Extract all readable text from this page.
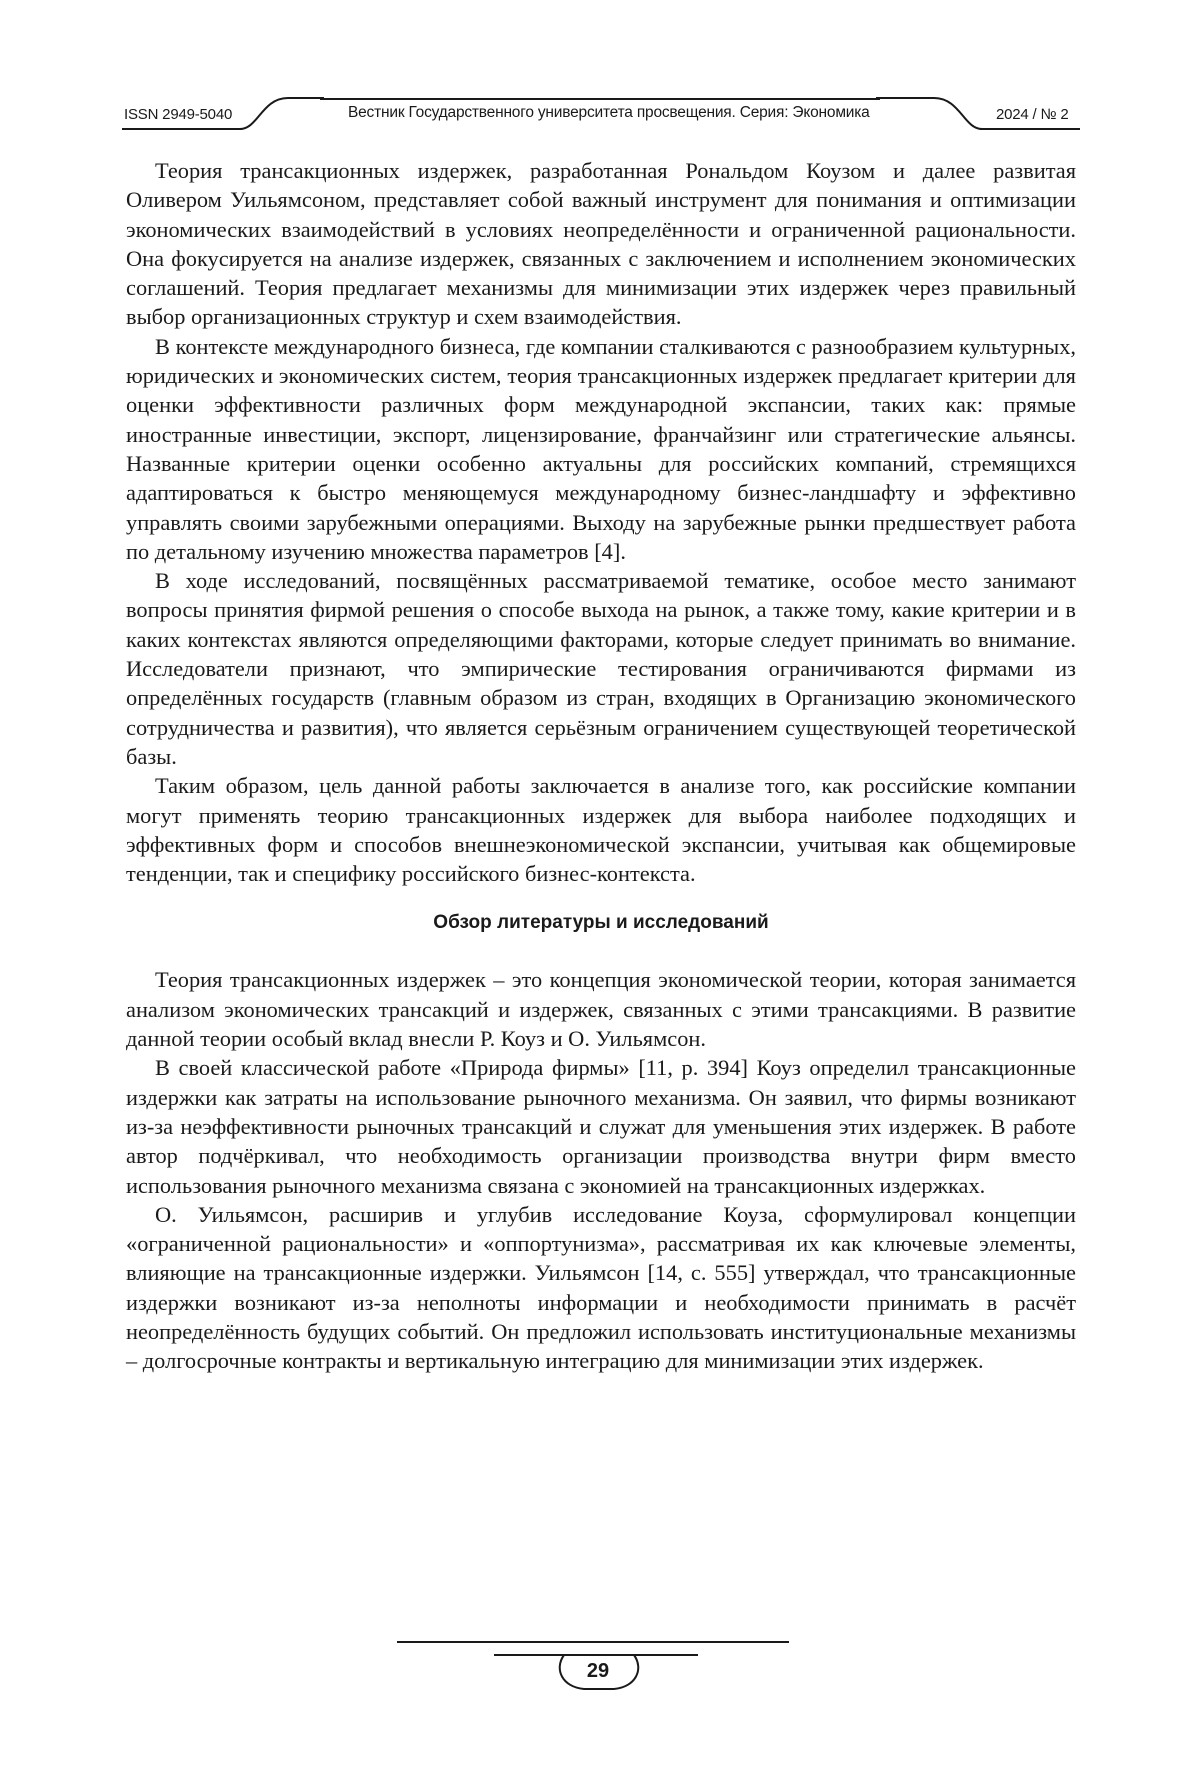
ISSN 2949-5040	Вестник Государственного университета просвещения. Серия: Экономика	2024 / № 2

Теория трансакционных издержек, разработанная Рональдом Коузом и далее развитая Оливером Уильямсоном, представляет собой важный инструмент для понимания и оптимизации экономических взаимодействий в условиях неопределённости и ограниченной рациональности. Она фокусируется на анализе издержек, связанных с заключением и исполнением экономических соглашений. Теория предлагает механизмы для минимизации этих издержек через правильный выбор организационных структур и схем взаимодействия.

В контексте международного бизнеса, где компании сталкиваются с разнообразием культурных, юридических и экономических систем, теория трансакционных издержек предлагает критерии для оценки эффективности различных форм международной экспансии, таких как: прямые иностранные инвестиции, экспорт, лицензирование, франчайзинг или стратегические альянсы. Названные критерии оценки особенно актуальны для российских компаний, стремящихся адаптироваться к быстро меняющемуся международному бизнес-ландшафту и эффективно управлять своими зарубежными операциями. Выходу на зарубежные рынки предшествует работа по детальному изучению множества параметров [4].

В ходе исследований, посвящённых рассматриваемой тематике, особое место занимают вопросы принятия фирмой решения о способе выхода на рынок, а также тому, какие критерии и в каких контекстах являются определяющими факторами, которые следует принимать во внимание. Исследователи признают, что эмпирические тестирования ограничиваются фирмами из определённых государств (главным образом из стран, входящих в Организацию экономического сотрудничества и развития), что является серьёзным ограничением существующей теоретической базы.

Таким образом, цель данной работы заключается в анализе того, как российские компании могут применять теорию трансакционных издержек для выбора наиболее подходящих и эффективных форм и способов внешнеэкономической экспансии, учитывая как общемировые тенденции, так и специфику российского бизнес-контекста.

Обзор литературы и исследований

Теория трансакционных издержек – это концепция экономической теории, которая занимается анализом экономических трансакций и издержек, связанных с этими трансакциями. В развитие данной теории особый вклад внесли Р. Коуз и О. Уильямсон.

В своей классической работе «Природа фирмы» [11, p. 394] Коуз определил трансакционные издержки как затраты на использование рыночного механизма. Он заявил, что фирмы возникают из-за неэффективности рыночных трансакций и служат для уменьшения этих издержек. В работе автор подчёркивал, что необходимость организации производства внутри фирм вместо использования рыночного механизма связана с экономией на трансакционных издержках.

О. Уильямсон, расширив и углубив исследование Коуза, сформулировал концепции «ограниченной рациональности» и «оппортунизма», рассматривая их как ключевые элементы, влияющие на трансакционные издержки. Уильямсон [14, с. 555] утверждал, что трансакционные издержки возникают из-за неполноты информации и необходимости принимать в расчёт неопределённость будущих событий. Он предложил использовать институциональные механизмы – долгосрочные контракты и вертикальную интеграцию для минимизации этих издержек.

29
